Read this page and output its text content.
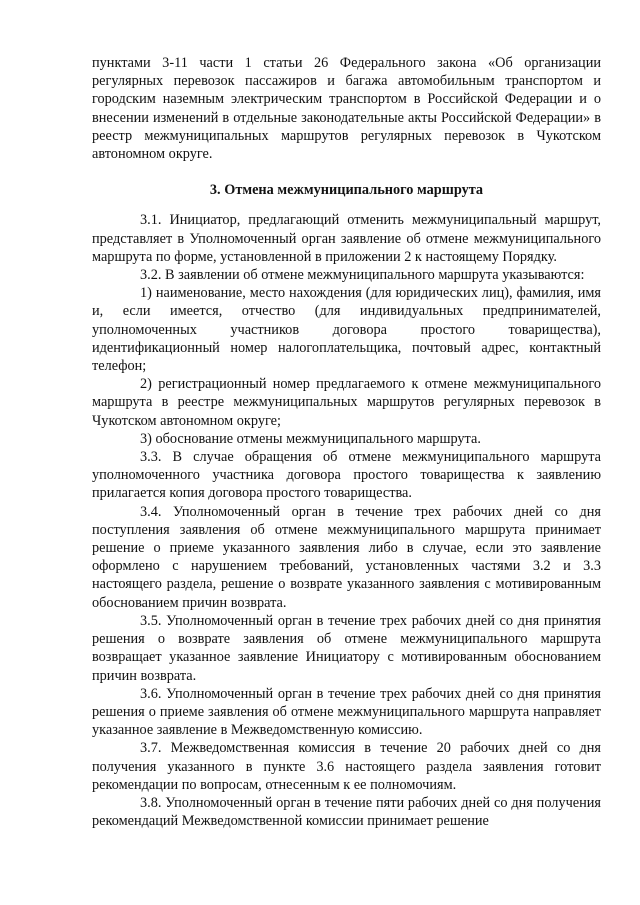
пунктами 3-11 части 1 статьи 26 Федерального закона «Об организации регулярных перевозок пассажиров и багажа автомобильным транспортом и городским наземным электрическим транспортом в Российской Федерации и о внесении изменений в отдельные законодательные акты Российской Федерации» в реестр межмуниципальных маршрутов регулярных перевозок в Чукотском автономном округе.

3. Отмена межмуниципального маршрута

3.1. Инициатор, предлагающий отменить межмуниципальный маршрут, представляет в Уполномоченный орган заявление об отмене межмуниципального маршрута по форме, установленной в приложении 2 к настоящему Порядку.

3.2. В заявлении об отмене межмуниципального маршрута указываются:

1) наименование, место нахождения (для юридических лиц), фамилия, имя и, если имеется, отчество (для индивидуальных предпринимателей, уполномоченных участников договора простого товарищества), идентификационный номер налогоплательщика, почтовый адрес, контактный телефон;

2) регистрационный номер предлагаемого к отмене межмуниципального маршрута в реестре межмуниципальных маршрутов регулярных перевозок в Чукотском автономном округе;

3) обоснование отмены межмуниципального маршрута.

3.3. В случае обращения об отмене межмуниципального маршрута уполномоченного участника договора простого товарищества к заявлению прилагается копия договора простого товарищества.

3.4. Уполномоченный орган в течение трех рабочих дней со дня поступления заявления об отмене межмуниципального маршрута принимает решение о приеме указанного заявления либо в случае, если это заявление оформлено с нарушением требований, установленных частями 3.2 и 3.3 настоящего раздела, решение о возврате указанного заявления с мотивированным обоснованием причин возврата.

3.5. Уполномоченный орган в течение трех рабочих дней со дня принятия решения о возврате заявления об отмене межмуниципального маршрута возвращает указанное заявление Инициатору с мотивированным обоснованием причин возврата.

3.6. Уполномоченный орган в течение трех рабочих дней со дня принятия решения о приеме заявления об отмене межмуниципального маршрута направляет указанное заявление в Межведомственную комиссию.

3.7. Межведомственная комиссия в течение 20 рабочих дней со дня получения указанного в пункте 3.6 настоящего раздела заявления готовит рекомендации по вопросам, отнесенным к ее полномочиям.

3.8. Уполномоченный орган в течение пяти рабочих дней со дня получения рекомендаций Межведомственной комиссии принимает решение
